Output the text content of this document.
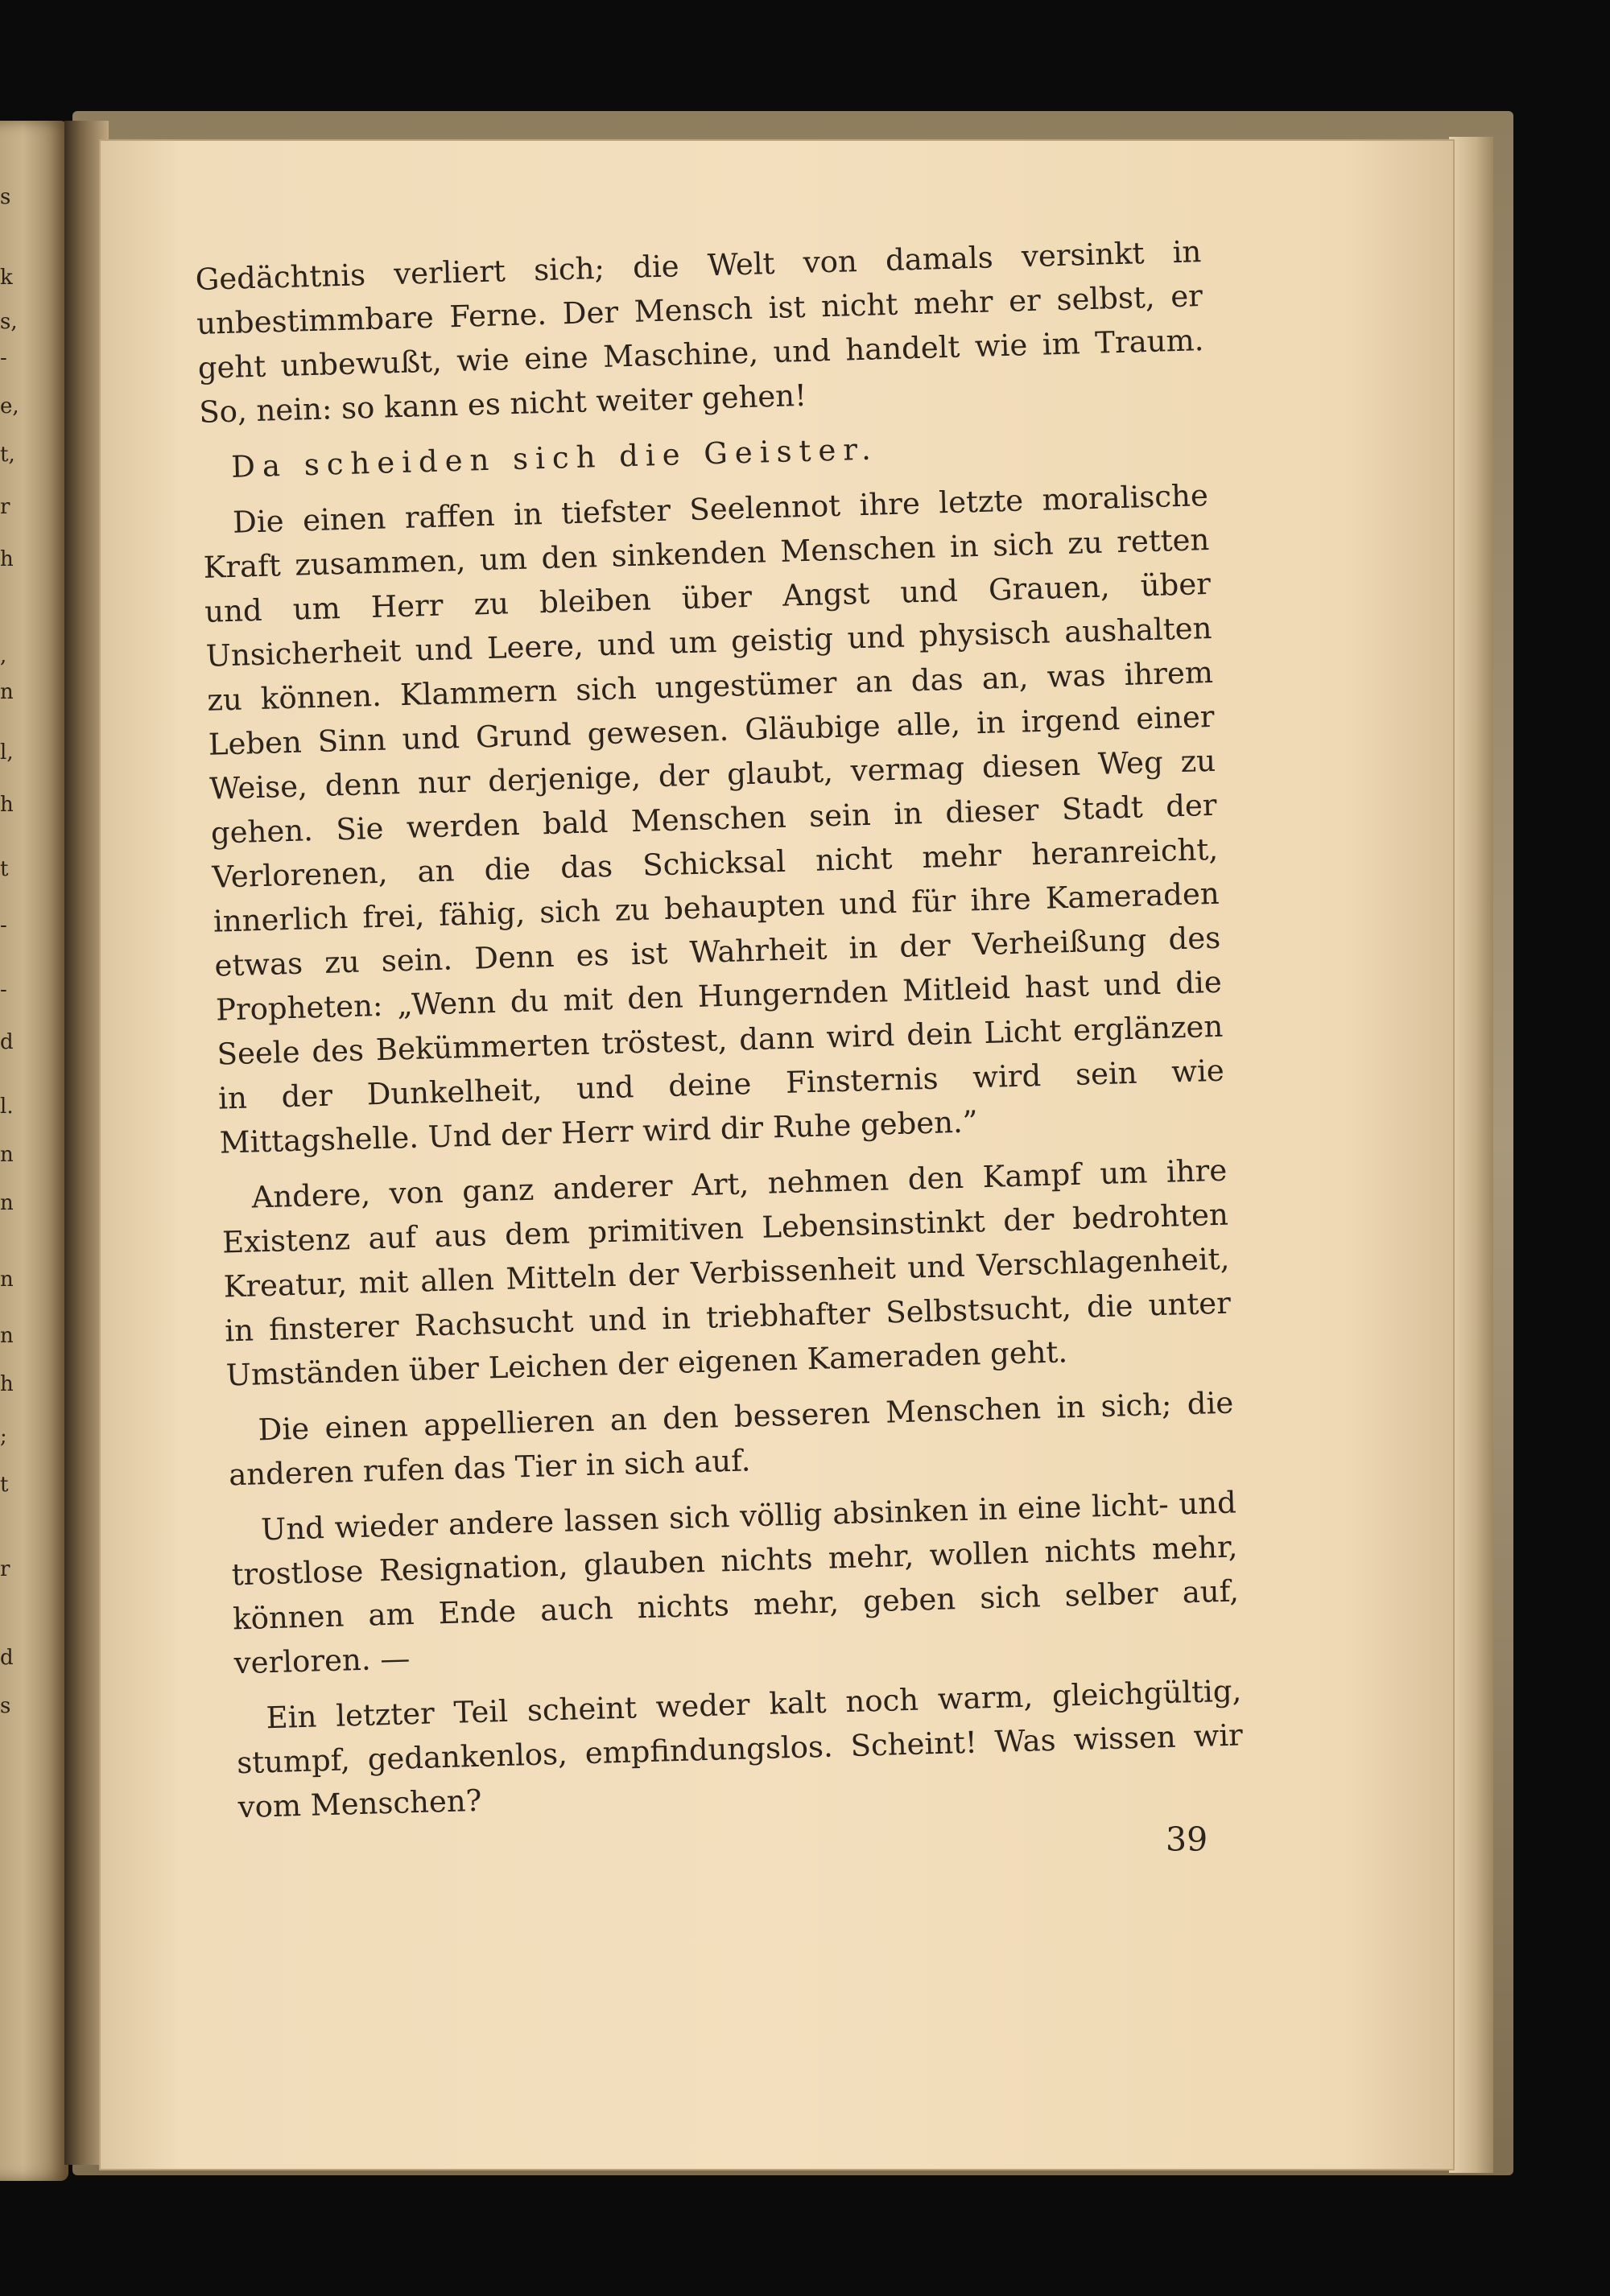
s
k
s,
-
e,
t,
r
h
,
n
l,
h
t
-
-
d
l.
n
n
n
n
h
;
t
r
d
s

Gedächtnis verliert sich; die Welt von damals versinkt in unbestimmbare Ferne. Der Mensch ist nicht mehr er selbst, er geht unbewußt, wie eine Maschine, und handelt wie im Traum. So, nein: so kann es nicht weiter gehen!

Da scheiden sich die Geister.

Die einen raffen in tiefster Seelennot ihre letzte moralische Kraft zusammen, um den sinkenden Menschen in sich zu retten und um Herr zu bleiben über Angst und Grauen, über Unsicherheit und Leere, und um geistig und physisch aushalten zu können. Klammern sich ungestümer an das an, was ihrem Leben Sinn und Grund gewesen. Gläubige alle, in irgend einer Weise, denn nur derjenige, der glaubt, vermag diesen Weg zu gehen. Sie werden bald Menschen sein in dieser Stadt der Verlorenen, an die das Schicksal nicht mehr heranreicht, innerlich frei, fähig, sich zu behaupten und für ihre Kameraden etwas zu sein. Denn es ist Wahrheit in der Verheißung des Propheten: „Wenn du mit den Hungernden Mitleid hast und die Seele des Bekümmerten tröstest, dann wird dein Licht erglänzen in der Dunkelheit, und deine Finsternis wird sein wie Mittagshelle. Und der Herr wird dir Ruhe geben.”

Andere, von ganz anderer Art, nehmen den Kampf um ihre Existenz auf aus dem primitiven Lebensinstinkt der bedrohten Kreatur, mit allen Mitteln der Verbissenheit und Verschlagenheit, in finsterer Rachsucht und in triebhafter Selbstsucht, die unter Umständen über Leichen der eigenen Kameraden geht.

Die einen appellieren an den besseren Menschen in sich; die anderen rufen das Tier in sich auf.

Und wieder andere lassen sich völlig absinken in eine licht- und trostlose Resignation, glauben nichts mehr, wollen nichts mehr, können am Ende auch nichts mehr, geben sich selber auf, verloren. —

Ein letzter Teil scheint weder kalt noch warm, gleichgültig, stumpf, gedankenlos, empfindungslos. Scheint! Was wissen wir vom Menschen?

39
